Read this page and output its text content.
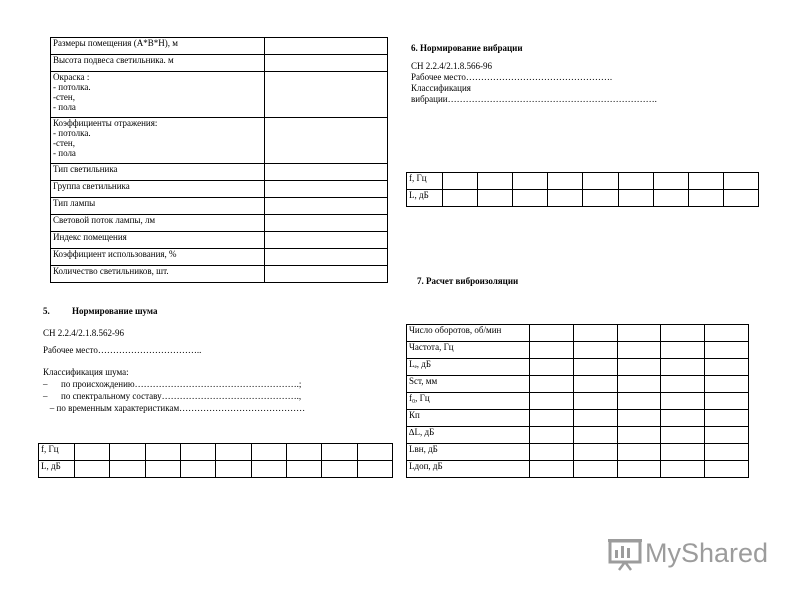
Размеры помещения (А*В*Н), м	

Высота подвеса светильника. м	

Окраска :
- потолка.
-стен,
- пола	

Коэффициенты отражения:
- потолка.
-стен,
- пола	

Тип светильника	

Группа светильника	

Тип лампы	

Световой поток лампы, лм	

Индекс помещения	

Коэффициент использования, %	

Количество светильников, шт.	

5. Нормирование шума
СН 2.2.4/2.1.8.562-96
Рабочее место……………………………..
Классификация шума:
–      по происхождению……………………………………………….;
–      по спектральному составу……………………………………….,
– по временным характеристикам……………………………………
f, Гц									
L, дБ									
6. Нормирование вибрации
СН 2.2.4/2.1.8.566-96
Рабочее место………………………………………….
Классификация
вибрации…………………………………………………………….
f, Гц									
L, дБ									
7. Расчет виброизоляции
Число оборотов, об/мин					
Частота, Гц					
Lₑ, дБ					
Sст, мм					
f₀, Гц					
Кп					
∆L, дБ					
Lвн, дБ					
Lдоп, дБ					
MyShared
